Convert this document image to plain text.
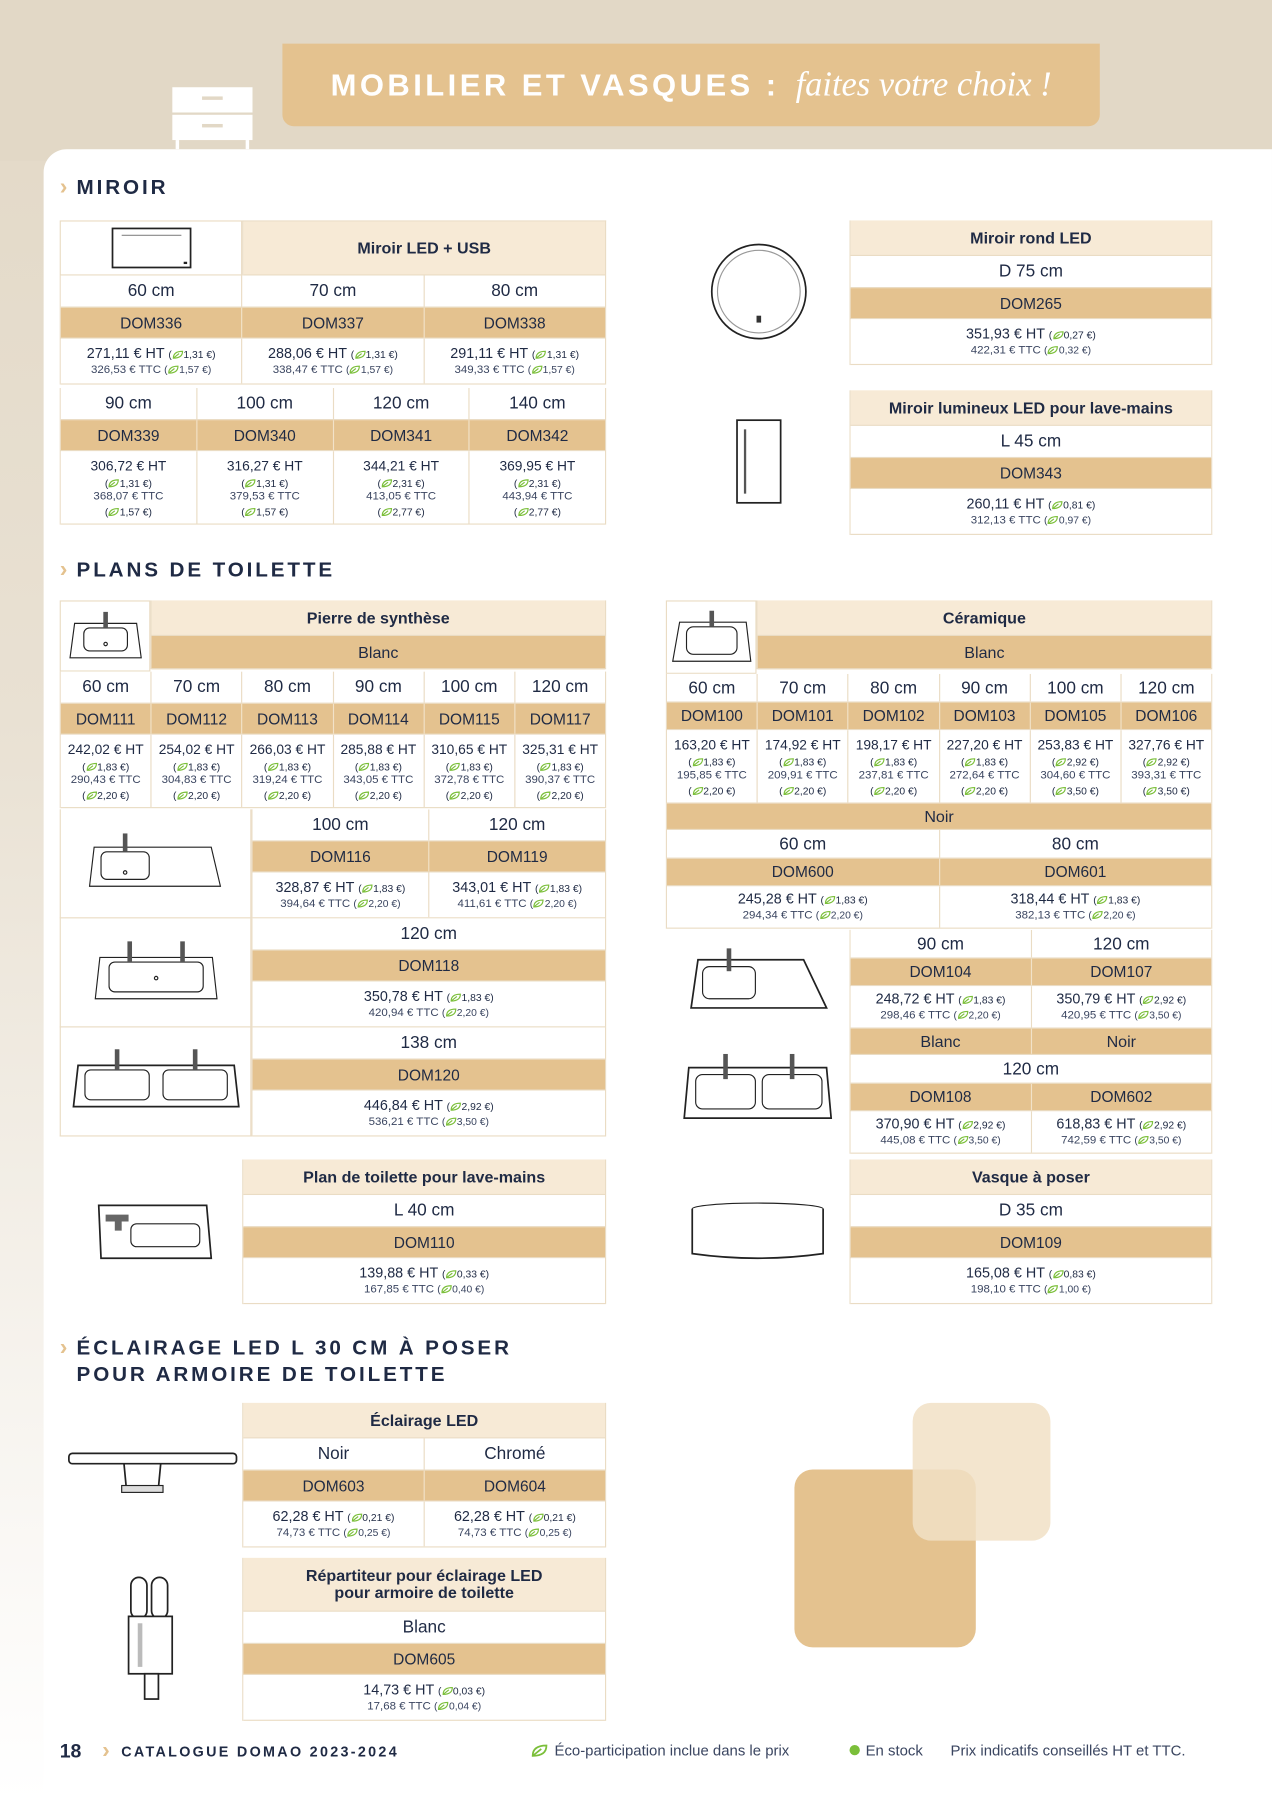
MOBILIER ET VASQUES : faites votre choix !
› MIROIR
› PLANS DE TOILETTE
› ÉCLAIRAGE LED L 30 CM À POSER
POUR ARMOIRE DE TOILETTE
Miroir LED + USB
60 cm	70 cm	80 cm
DOM336	DOM337	DOM338
271,11 € HT ( 1,31 €)
326,53 € TTC ( 1,57 €)
288,06 € HT ( 1,31 €)
338,47 € TTC ( 1,57 €)
291,11 € HT ( 1,31 €)
349,33 € TTC ( 1,57 €)
90 cm	100 cm	120 cm	140 cm
DOM339	DOM340	DOM341	DOM342
306,72 € HT
( 1,31 €)
368,07 € TTC
( 1,57 €)
316,27 € HT
( 1,31 €)
379,53 € TTC
( 1,57 €)
344,21 € HT
( 2,31 €)
413,05 € TTC
( 2,77 €)
369,95 € HT
( 2,31 €)
443,94 € TTC
( 2,77 €)
Miroir rond LED
D 75 cm
DOM265
351,93 € HT ( 0,27 €)
422,31 € TTC ( 0,32 €)
Miroir lumineux LED pour lave-mains
L 45 cm
DOM343
260,11 € HT ( 0,81 €)
312,13 € TTC ( 0,97 €)
Pierre de synthèse
Blanc
60 cm	70 cm	80 cm	90 cm	100 cm 120 cm
DOM111 DOM112 DOM113 DOM114 DOM115 DOM117
242,02 € HT
( 1,83 €)
290,43 € TTC
( 2,20 €)
254,02 € HT
( 1,83 €)
304,83 € TTC
( 2,20 €)
266,03 € HT
( 1,83 €)
319,24 € TTC
( 2,20 €)
285,88 € HT
( 1,83 €)
343,05 € TTC
( 2,20 €)
310,65 € HT
( 1,83 €)
372,78 € TTC
( 2,20 €)
325,31 € HT
( 1,83 €)
390,37 € TTC
( 2,20 €)
100 cm	120 cm
DOM116	DOM119
328,87 € HT ( 1,83 €)
394,64 € TTC ( 2,20 €)
343,01 € HT ( 1,83 €)
411,61 € TTC ( 2,20 €)
120 cm
DOM118
350,78 € HT ( 1,83 €)
420,94 € TTC ( 2,20 €)
138 cm
DOM120
446,84 € HT ( 2,92 €)
536,21 € TTC ( 3,50 €)
Céramique
Blanc
60 cm	70 cm	80 cm	90 cm	100 cm 120 cm
DOM100 DOM101 DOM102 DOM103 DOM105 DOM106
163,20 € HT
( 1,83 €)
195,85 € TTC
( 2,20 €)
174,92 € HT
( 1,83 €)
209,91 € TTC
( 2,20 €)
198,17 € HT
( 1,83 €)
237,81 € TTC
( 2,20 €)
227,20 € HT
( 1,83 €)
272,64 € TTC
( 2,20 €)
253,83 € HT
( 2,92 €)
304,60 € TTC
( 3,50 €)
327,76 € HT
( 2,92 €)
393,31 € TTC
( 3,50 €)
Noir
60 cm	80 cm
DOM600	DOM601
245,28 € HT ( 1,83 €)
294,34 € TTC ( 2,20 €)
318,44 € HT ( 1,83 €)
382,13 € TTC ( 2,20 €)
90 cm	120 cm
DOM104	DOM107
248,72 € HT ( 1,83 €)
298,46 € TTC ( 2,20 €)
350,79 € HT ( 2,92 €)
420,95 € TTC ( 3,50 €)
Blanc	Noir
120 cm
DOM108	DOM602
370,90 € HT ( 2,92 €)
445,08 € TTC ( 3,50 €)
618,83 € HT ( 2,92 €)
742,59 € TTC ( 3,50 €)
Plan de toilette pour lave-mains
L 40 cm
DOM110
139,88 € HT ( 0,33 €)
167,85 € TTC ( 0,40 €)
Vasque à poser
D 35 cm
DOM109
165,08 € HT ( 0,83 €)
198,10 € TTC ( 1,00 €)
Éclairage LED
Noir	Chromé
DOM603	DOM604
62,28 € HT ( 0,21 €)
74,73 € TTC ( 0,25 €)
62,28 € HT ( 0,21 €)
74,73 € TTC ( 0,25 €)
Répartiteur pour éclairage LED
pour armoire de toilette
Blanc
DOM605
14,73 € HT ( 0,03 €)
17,68 € TTC ( 0,04 €)
18 › CATALOGUE DOMAO 2023-2024	Éco-participation inclue dans le prix	En stock Prix indicatifs conseillés HT et TTC.
